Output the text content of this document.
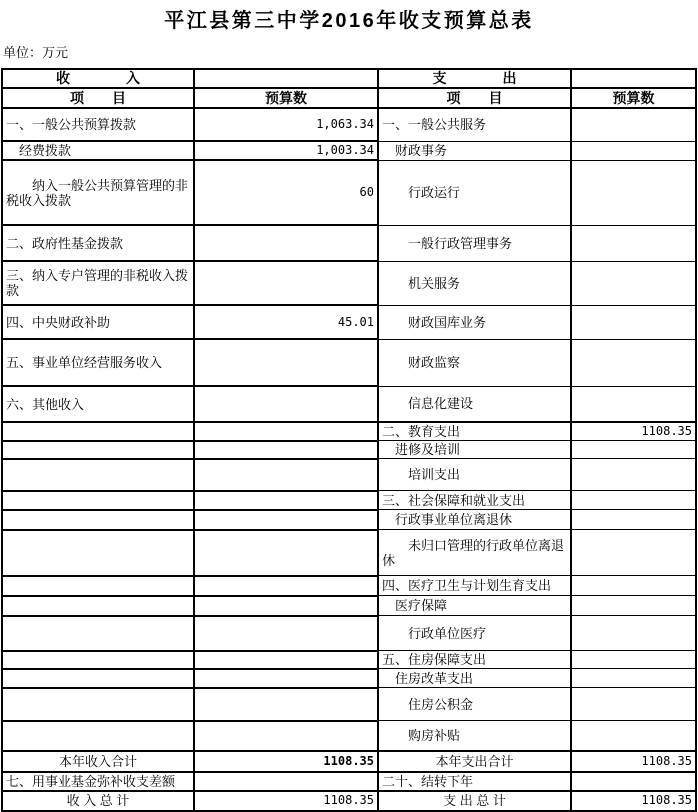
平江县第三中学2016年收支预算总表
单位：万元
收　　　　入		支　　　　出	
项　　目	预算数	项　　目	预算数
一、一般公共预算拨款	1,063.34	一、一般公共服务	
经费拨款	1,003.34	财政事务	
纳入一般公共预算管理的非税收入拨款	60	行政运行	
二、政府性基金拨款		一般行政管理事务	
三、纳入专户管理的非税收入拨款		机关服务	
四、中央财政补助	45.01	财政国库业务	
五、事业单位经营服务收入		财政监察	
六、其他收入		信息化建设	
		二、教育支出	1108.35
		进修及培训	
		培训支出	
		三、社会保障和就业支出	
		行政事业单位离退休	
		未归口管理的行政单位离退休	
		四、医疗卫生与计划生育支出	
		医疗保障	
		行政单位医疗	
		五、住房保障支出	
		住房改革支出	
		住房公积金	
		购房补贴	
本年收入合计	1108.35	本年支出合计	1108.35
七、用事业基金弥补收支差额		二十、结转下年	
收 入 总 计	1108.35	支 出 总 计	1108.35
